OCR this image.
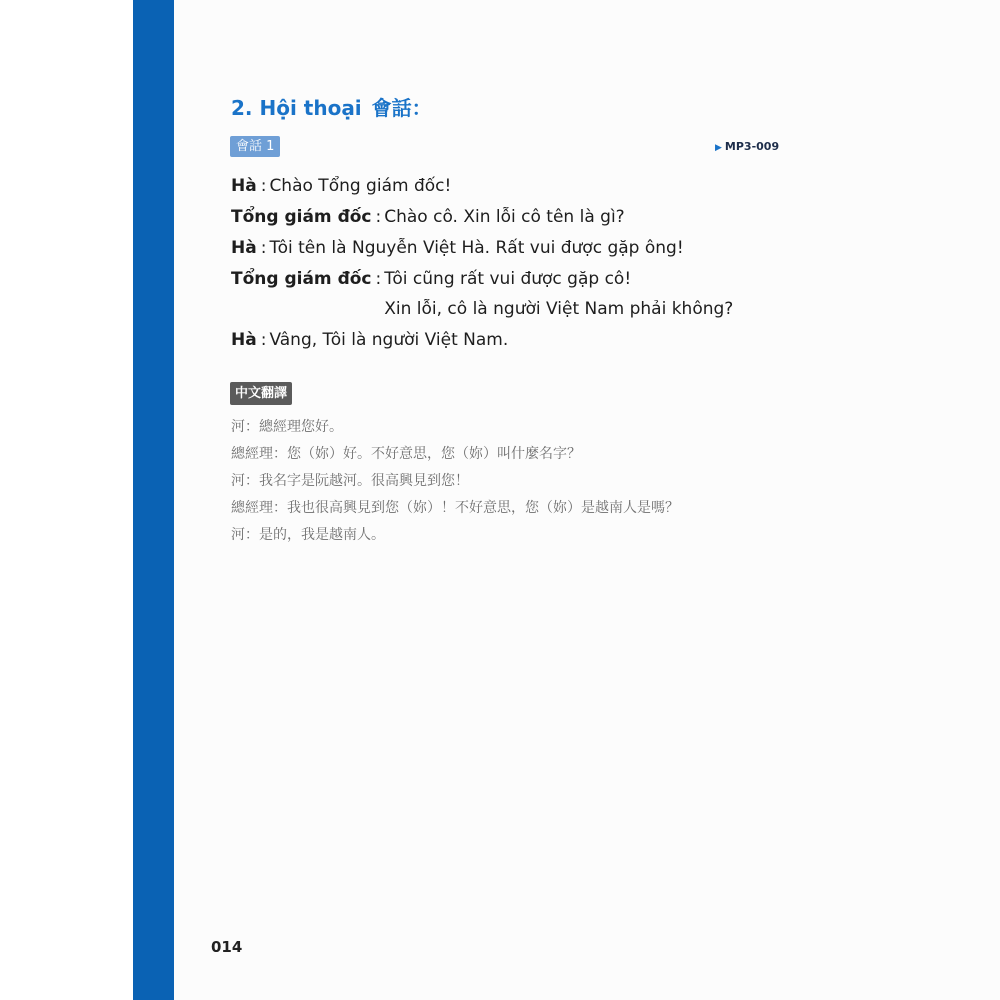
2. Hội thoại 會話：
會話 1	▶ MP3-009
Hà : Chào Tổng giám đốc!
Tổng giám đốc : Chào cô. Xin lỗi cô tên là gì?
Hà : Tôi tên là Nguyễn Việt Hà. Rất vui được gặp ông!
Tổng giám đốc : Tôi cũng rất vui được gặp cô!
Xin lỗi, cô là người Việt Nam phải không?
Hà : Vâng, Tôi là người Việt Nam.
中文翻譯
河：總經理您好。
總經理：您（妳）好。不好意思，您（妳）叫什麼名字？
河：我名字是阮越河。很高興見到您！
總經理：我也很高興見到您（妳）！不好意思，您（妳）是越南人是嗎？
河：是的，我是越南人。
014
